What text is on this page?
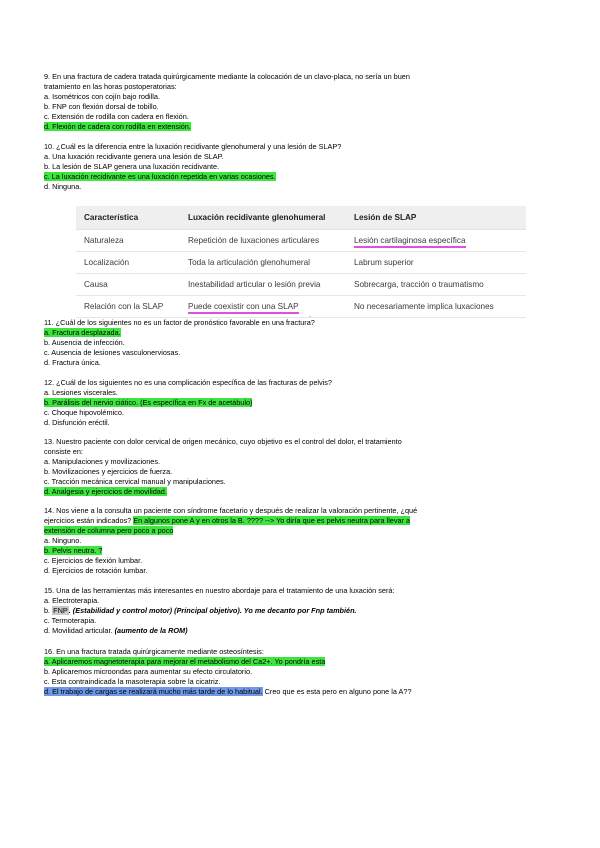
9. En una fractura de cadera tratada quirúrgicamente mediante la colocación de un clavo-placa, no sería un buen
tratamiento en las horas postoperatorias:
a. Isométricos con cojín bajo rodilla.
b. FNP con flexión dorsal de tobillo.
c. Extensión de rodilla con cadera en flexión.
d. Flexión de cadera con rodilla en extensión.
10. ¿Cuál es la diferencia entre la luxación recidivante glenohumeral y una lesión de SLAP?
a. Una luxación recidivante genera una lesión de SLAP.
b. La lesión de SLAP genera una luxación recidivante.
c. La luxación recidivante es una luxación repetida en varias ocasiones.
d. Ninguna.
Característica	Luxación recidivante glenohumeral	Lesión de SLAP
Naturaleza	Repetición de luxaciones articulares	Lesión cartilaginosa específica
Localización	Toda la articulación glenohumeral	Labrum superior
Causa	Inestabilidad articular o lesión previa	Sobrecarga, tracción o traumatismo
Relación con la SLAP	Puede coexistir con una SLAP	No necesariamente implica luxaciones
.
11. ¿Cuál de los siguientes no es un factor de pronóstico favorable en una fractura?
a. Fractura desplazada.
b. Ausencia de infección.
c. Ausencia de lesiones vasculonerviosas.
d. Fractura única.
12. ¿Cuál de los siguientes no es una complicación específica de las fracturas de pelvis?
a. Lesiones viscerales.
b. Parálisis del nervio ciático. (Es específica en Fx de acetábulo)
c. Choque hipovolémico.
d. Disfunción eréctil.
13. Nuestro paciente con dolor cervical de origen mecánico, cuyo objetivo es el control del dolor, el tratamiento
consiste en:
a. Manipulaciones y movilizaciones.
b. Movilizaciones y ejercicios de fuerza.
c. Tracción mecánica cervical manual y manipulaciones.
d. Analgesia y ejercicios de movilidad.
14. Nos viene a la consulta un paciente con síndrome facetario y después de realizar la valoración pertinente, ¿qué
ejercicios están indicados? En algunos pone A y en otros la B. ???? --> Yo diría que es pelvis neutra para llevar a
extensión de columna pero poco a poco
a. Ninguno.
b. Pelvis neutra. ?
c. Ejercicios de flexión lumbar.
d. Ejercicios de rotación lumbar.
15. Una de las herramientas más interesantes en nuestro abordaje para el tratamiento de una luxación será:
a. Electroterapia.
b. FNP. (Estabilidad y control motor) (Principal objetivo). Yo me decanto por Fnp también.
c. Termoterapia.
d. Movilidad articular. (aumento de la ROM)
16. En una fractura tratada quirúrgicamente mediante osteosíntesis:
a. Aplicaremos magnetoterapia para mejorar el metabolismo del Ca2+. Yo pondría esta
b. Aplicaremos microondas para aumentar su efecto circulatorio.
c. Esta contraindicada la masoterapia sobre la cicatriz.
d. El trabajo de cargas se realizará mucho más tarde de lo habitual. Creo que es esta pero en alguno pone la A??
